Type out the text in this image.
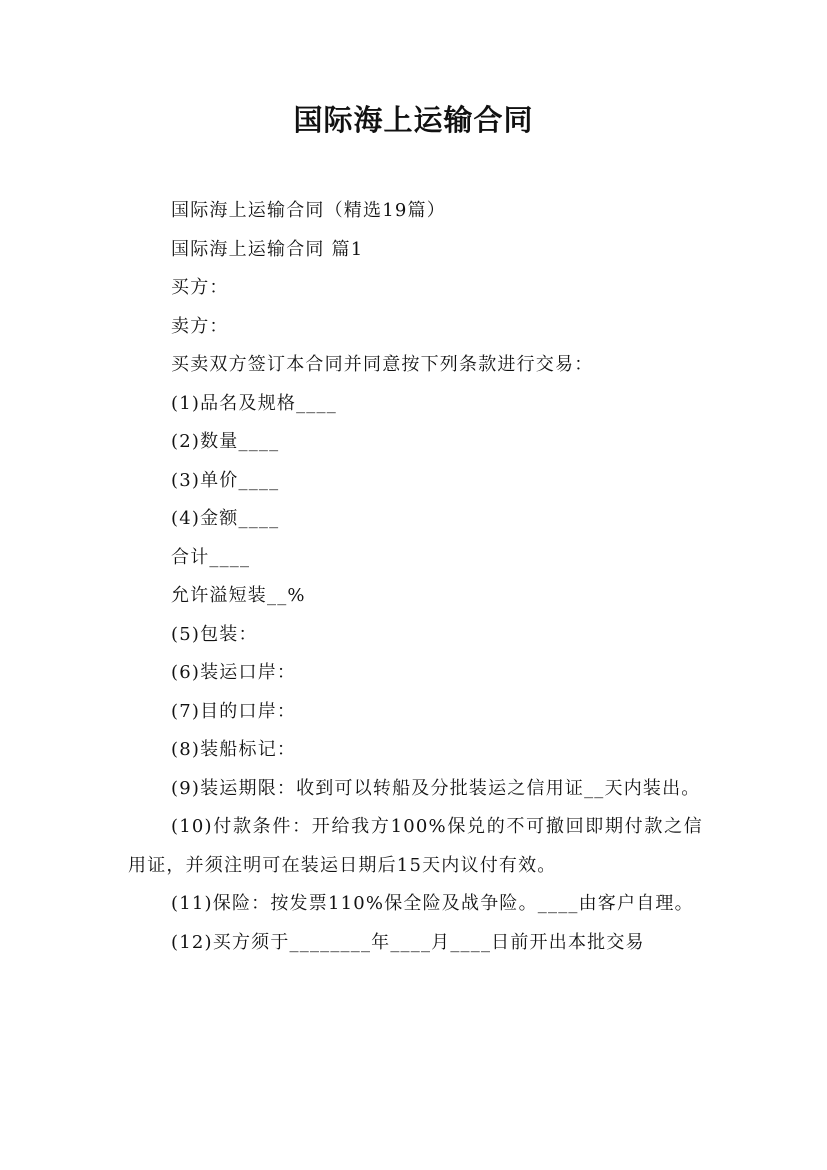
国际海上运输合同

国际海上运输合同（精选19篇）

国际海上运输合同 篇1

买方：

卖方：

买卖双方签订本合同并同意按下列条款进行交易：

(1)品名及规格____

(2)数量____

(3)单价____

(4)金额____

合计____

允许溢短装__%

(5)包装：

(6)装运口岸：

(7)目的口岸：

(8)装船标记：

(9)装运期限：收到可以转船及分批装运之信用证__天内装出。

(10)付款条件：开给我方100%保兑的不可撤回即期付款之信用证，并须注明可在装运日期后15天内议付有效。

(11)保险：按发票110%保全险及战争险。____由客户自理。

(12)买方须于________年____月____日前开出本批交易
